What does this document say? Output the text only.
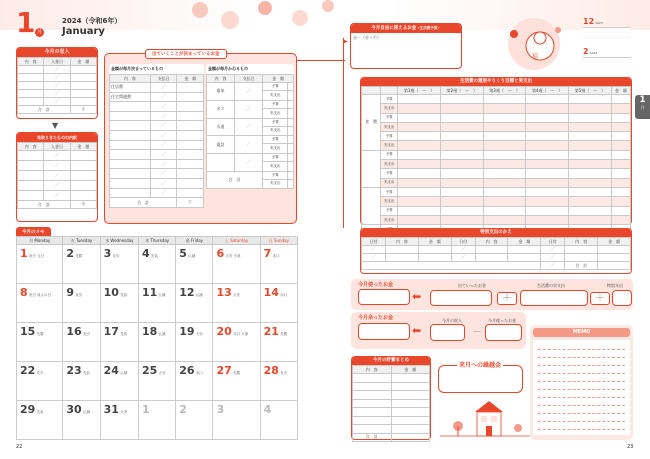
1 月
2024（令和6年）
January
今月の収入
内　容	入金日	金　額
	／	
	／	
	／	
	／	
	／	
合　計		Ⓐ
▼
先取りきたものの内訳
内　容	入金日	金　額
	／	
	／	
	／	
	／	
	／	
合　計		Ⓑ
出ていくことが決まっているお金
金額が毎月決まっているもの
内　容	支払日	金　額
住居費	／	
住宅関連費	／	
	／	
	／	
	／	
	／	
	／	
	／	
	／	
	／	
	／	
	／	
合　計		Ⓒ
金額が毎月かわるもの
内　容	支払日	金　額	
電気	／	予算	
		実支出	
ガス	／	予算	
		実支出	
水道	／	予算	
		実支出	
電話	／	予算	
		実支出	
	／	予算	
		実支出	
合　計		予算	
		実支出	
▶
今月のメモ
月 Monday	火 Tuesday	水 Wednesday	木 Thursday	金 Friday	土 Saturday	日 Sunday
1 祝日 元日	2 先勝	3 友引	4 先負	5 仏滅	6 大安 小寒	7 赤口
8 祝日 成人の日	9 友引	10 先負	11 仏滅	12 仏滅	13 大安	14 赤口
15 先勝	16 友引	17 先負	18 仏滅	19 大安	20 赤口 大寒	21 先勝
22 友引	23 先負	24 仏滅	25 大安	26 赤口	27 先勝	28 友引
29 先負	30 仏滅	31 大安	1	2	3	4
22	23
今月自由に使えるお金（生活費予算）
Ⓐ－（Ⓑ＋Ⓒ）
福
12 2023
2 2024
1
月
生活費の週別やりくり目標と実支出
		第1週（　～　）	第2週（　～　）	第3週（　～　）	第4週（　～　）	第5週（　～　）	金　額
食　費	予算						
	実支出						
	予算						
	実支出						
	予算						
	実支出						
	予算						
	実支出						
	予算						
	実支出						
	予算						
	実支出						
	予算						
	実支出						

特別支出のかえ
日付	内　容	金　額	日付	内　容	金　額	日付	内　容	金　額
／			／			／		
／			／			／		
						／	合　計	
今月使ったお金
⬅
出ていったお金
＋
生活費の実支出
＋
特別支出
今月余ったお金
⬅
今月の収入
－
今月使ったお金
MEMO
今月の貯蓄まとめ
内　容	金　額

合　計	
来月への繰越金
